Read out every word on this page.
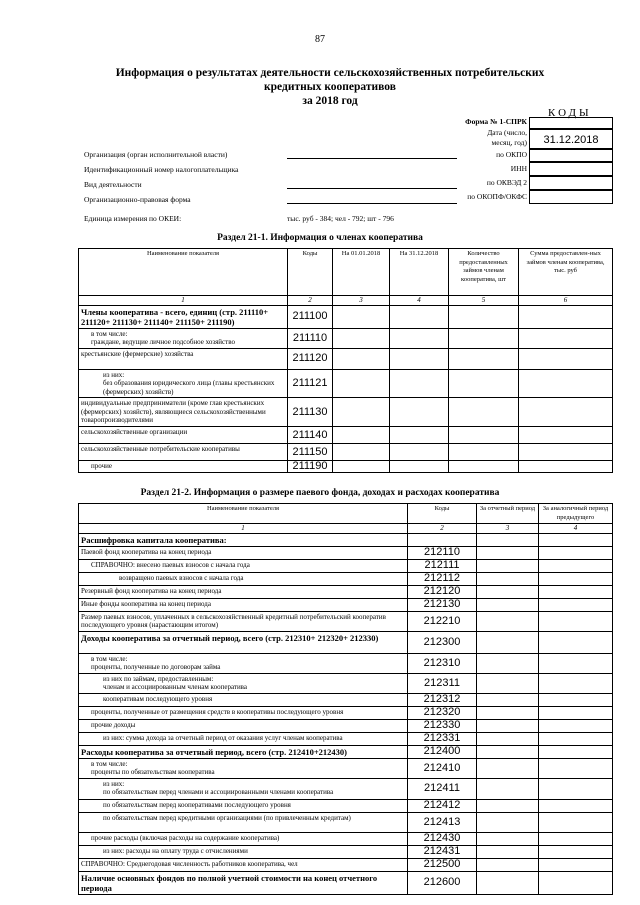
87
Информация о результатах деятельности сельскохозяйственных потребительских
кредитных кооперативов
за 2018 год
КОДЫ
31.12.2018
Форма № 1-СПРК
Дата (число,
месяц, год)
по ОКПО
ИНН
по ОКВЭД 2
по ОКОПФ/ОКФС
Организация (орган исполнительной власти)
Идентификационный номер налогоплательщика
Вид деятельности
Организационно-правовая форма
Единица измерения по ОКЕИ:	тыс. руб - 384; чел - 792; шт - 796
Раздел 21-1. Информация о членах кооператива
Наименование показателя	Коды	На 01.01.2018	На 31.12.2018	Количество предоставленных займов членам кооператива, шт	Сумма предоставлен-ных займов членам кооператива, тыс. руб
1	2	3	4	5	6

Члены кооператива - всего, единиц (стр. 211110+ 211120+ 211130+ 211140+ 211150+ 211190)	211100				

в том числе:
граждане, ведущие личное подсобное хозяйство	211110				

крестьянские (фермерские) хозяйства	211120				

из них:
без образования юридического лица (главы крестьянских (фермерских) хозяйств)	211121				

индивидуальные предприниматели (кроме глав крестьянских (фермерских) хозяйств), являющиеся сельскохозяйственными товаропроизводителями	211130				

сельскохозяйственные организации	211140				

сельскохозяйственные потребительские кооперативы	211150				

прочие	211190				
Раздел 21-2. Информация о размере паевого фонда, доходах и расходах кооператива
Наименование показателя	Коды	За отчетный период	За аналогичный период предыдущего
1	2	3	4

Расшифровка капитала кооператива:			

Паевой фонд кооператива на конец периода	212110		

СПРАВОЧНО: внесено паевых взносов с начала года	212111		

возвращено паевых взносов с начала года	212112		

Резервный фонд кооператива на конец периода	212120		

Иные фонды кооператива на конец периода	212130		

Размер паевых взносов, уплаченных в сельскохозяйственный кредитный потребительский кооператив последующего уровня (нарастающим итогом)	212210		

Доходы кооператива за отчетный период, всего (стр. 212310+ 212320+ 212330)	212300		

в том числе:
проценты, полученные по договорам займа	212310		

из них по займам, предоставленным:
членам и ассоциированным членам кооператива	212311		

кооперативам последующего уровня	212312		

проценты, полученные от размещения средств в кооперативы последующего уровня	212320		

прочие доходы	212330		

из них: сумма дохода за отчетный период от оказания услуг членам кооператива	212331		

Расходы кооператива за отчетный период, всего (стр. 212410+212430)	212400		

в том числе:
проценты по обязательствам кооператива	212410		

из них:
по обязательствам перед членами и ассоциированными членами кооператива	212411		

по обязательствам перед кооперативами последующего уровня	212412		

по обязательствам перед кредитными организациями (по привлеченным кредитам)	212413		

прочие расходы (включая расходы на содержание кооператива)	212430		

из них: расходы на оплату труда с отчислениями	212431		

СПРАВОЧНО: Среднегодовая численность работников кооператива, чел	212500		

Наличие основных фондов по полной учетной стоимости на конец отчетного периода	212600		
